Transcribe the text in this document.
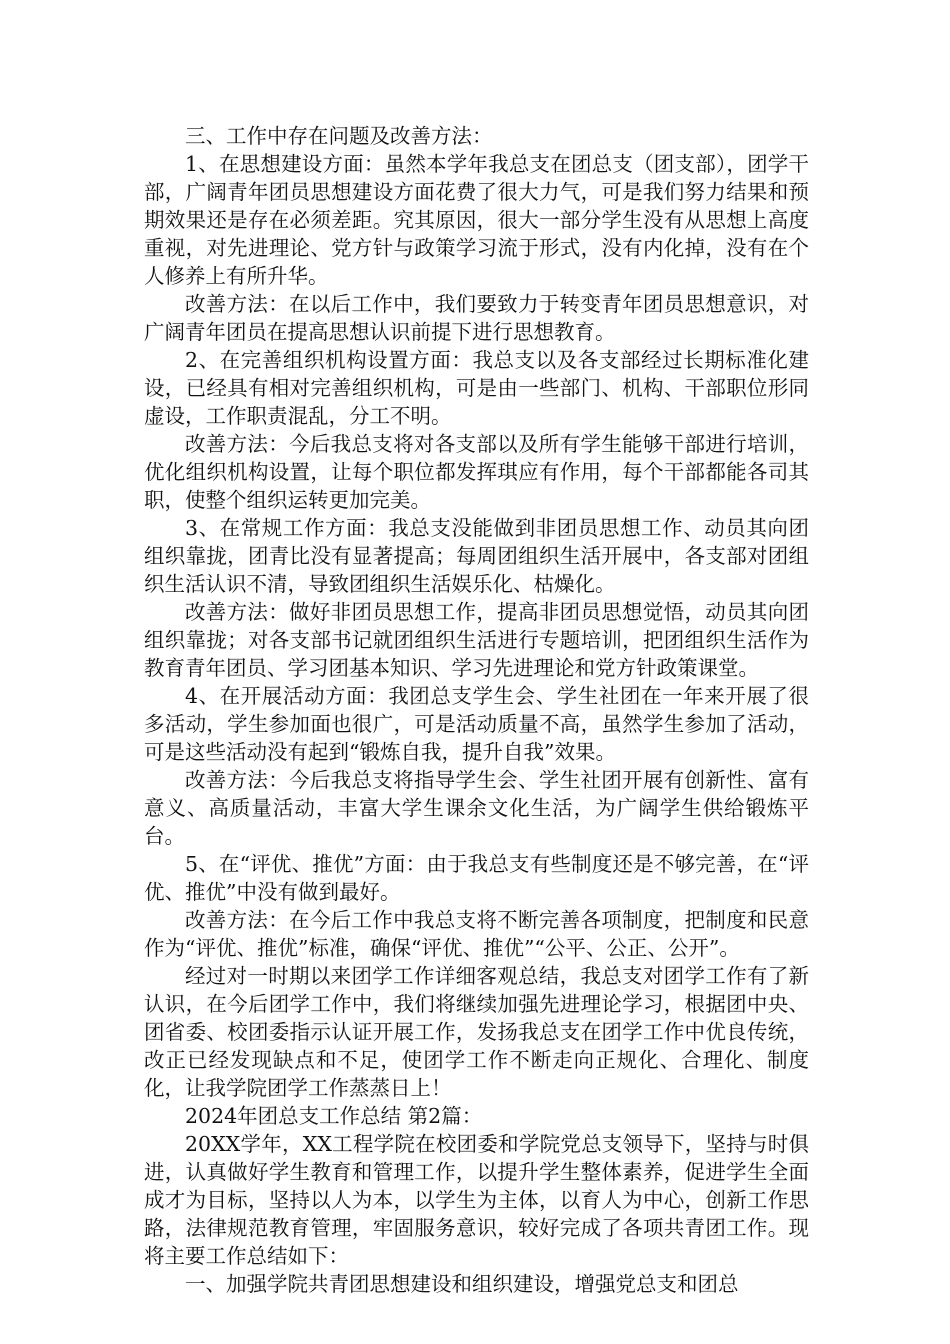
三、工作中存在问题及改善方法：

1、在思想建设方面：虽然本学年我总支在团总支（团支部），团学干部，广阔青年团员思想建设方面花费了很大力气，可是我们努力结果和预期效果还是存在必须差距。究其原因，很大一部分学生没有从思想上高度重视，对先进理论、党方针与政策学习流于形式，没有内化掉，没有在个人修养上有所升华。

改善方法：在以后工作中，我们要致力于转变青年团员思想意识，对广阔青年团员在提高思想认识前提下进行思想教育。

2、在完善组织机构设置方面：我总支以及各支部经过长期标准化建设，已经具有相对完善组织机构，可是由一些部门、机构、干部职位形同虚设，工作职责混乱，分工不明。

改善方法：今后我总支将对各支部以及所有学生能够干部进行培训，优化组织机构设置，让每个职位都发挥琪应有作用，每个干部都能各司其职，使整个组织运转更加完美。

3、在常规工作方面：我总支没能做到非团员思想工作、动员其向团组织靠拢，团青比没有显著提高；每周团组织生活开展中，各支部对团组织生活认识不清，导致团组织生活娱乐化、枯燥化。

改善方法：做好非团员思想工作，提高非团员思想觉悟，动员其向团组织靠拢；对各支部书记就团组织生活进行专题培训，把团组织生活作为教育青年团员、学习团基本知识、学习先进理论和党方针政策课堂。

4、在开展活动方面：我团总支学生会、学生社团在一年来开展了很多活动，学生参加面也很广，可是活动质量不高，虽然学生参加了活动，可是这些活动没有起到“锻炼自我，提升自我”效果。

改善方法：今后我总支将指导学生会、学生社团开展有创新性、富有意义、高质量活动，丰富大学生课余文化生活，为广阔学生供给锻炼平台。

5、在“评优、推优”方面：由于我总支有些制度还是不够完善，在“评优、推优”中没有做到最好。

改善方法：在今后工作中我总支将不断完善各项制度，把制度和民意作为“评优、推优”标准，确保“评优、推优”“公平、公正、公开”。

经过对一时期以来团学工作详细客观总结，我总支对团学工作有了新认识，在今后团学工作中，我们将继续加强先进理论学习，根据团中央、团省委、校团委指示认证开展工作，发扬我总支在团学工作中优良传统，改正已经发现缺点和不足，使团学工作不断走向正规化、合理化、制度化，让我学院团学工作蒸蒸日上！

2024年团总支工作总结 第2篇：

20XX学年，XX工程学院在校团委和学院党总支领导下，坚持与时俱进，认真做好学生教育和管理工作，以提升学生整体素养，促进学生全面成才为目标，坚持以人为本，以学生为主体，以育人为中心，创新工作思路，法律规范教育管理，牢固服务意识，较好完成了各项共青团工作。现将主要工作总结如下：

一、加强学院共青团思想建设和组织建设，增强党总支和团总
